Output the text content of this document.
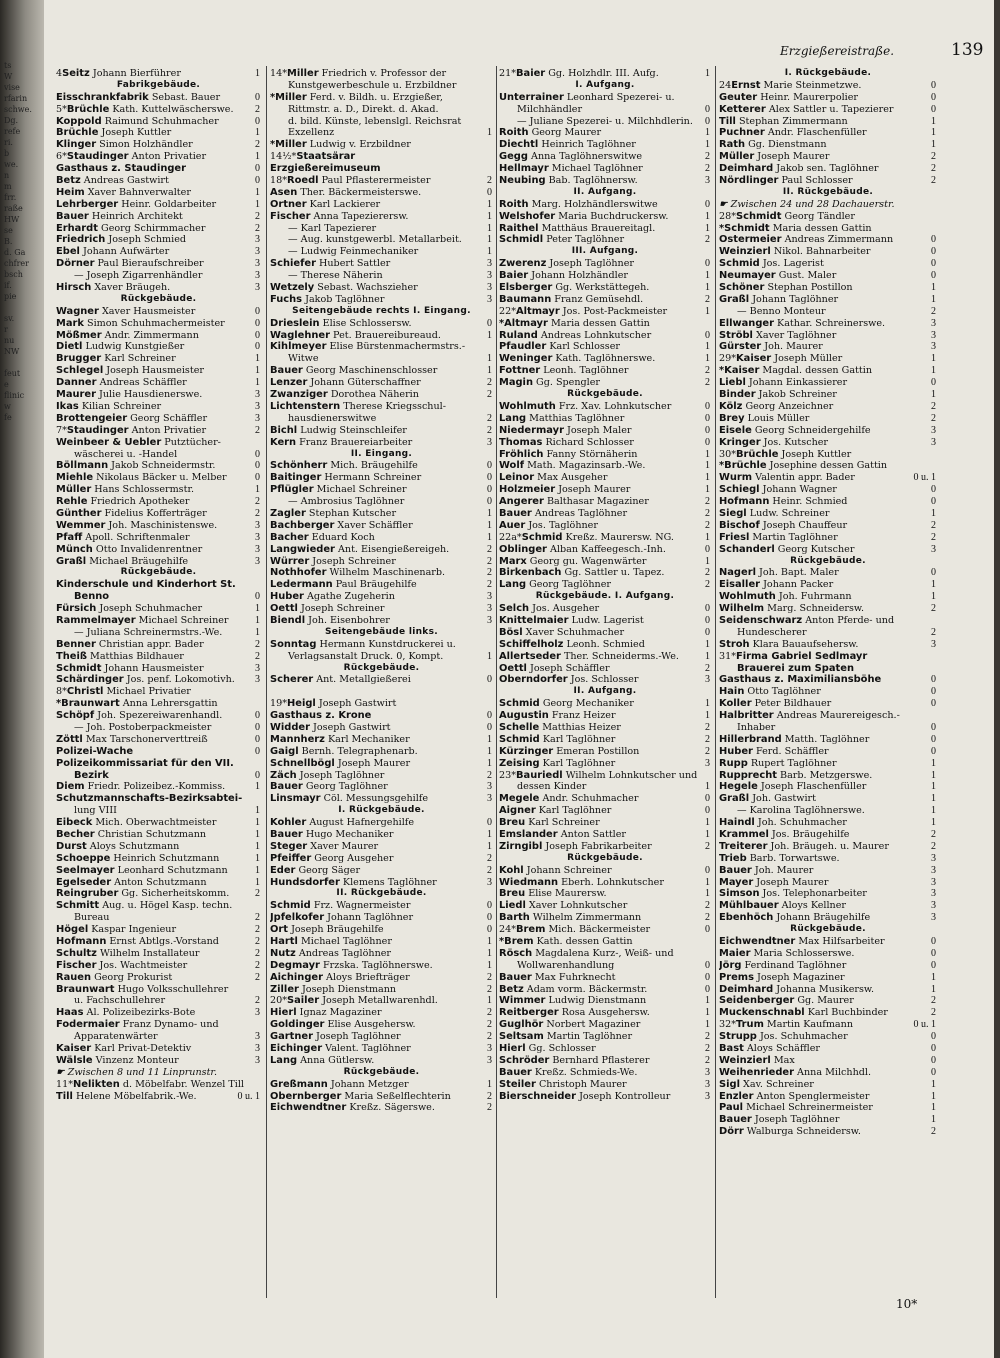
ts
W
vise
rfarin
schwe.
Dg.
refe
ri.
b
we.
n
m
frr.
raße
HW
se
B.
d. Ga
chfrer
bsch
if.
pie

sv.
r
nu
NW

feut
e
flinic
w
fe

Erzgießereistraße.	139
4Seitz Johann Bierführer	1
Fabrikgebäude.
Eisschrankfabrik Sebast. Bauer	0
5*Brüchle Kath. Kuttelwäscherswe. 2
Koppold Raimund Schuhmacher	0
Brüchle Joseph Kuttler	1
Klinger Simon Holzhändler	2
6*Staudinger Anton Privatier	1
Gasthaus z. Staudinger	0
Betz Andreas Gastwirt	0
Heim Xaver Bahnverwalter	1
Lehrberger Heinr. Goldarbeiter	1
Bauer Heinrich Architekt	2
Erhardt Georg Schirmmacher	2
Friedrich Joseph Schmied	3
Ebel Johann Aufwärter	3
Dörner Paul Bieraufschreiber	3
— Joseph Zigarrenhändler	3
Hirsch Xaver Bräugeh.	3
Rückgebäude.
Wagner Xaver Hausmeister	0
Mark Simon Schuhmachermeister	0
Mößmer Andr. Zimmermann	0
Dietl Ludwig Kunstgießer	0
Brugger Karl Schreiner	1
Schlegel Joseph Hausmeister	1
Danner Andreas Schäffler	1
Maurer Julie Hausdienerswe.	3
Ikas Kilian Schreiner	3
Brottengeier Georg Schäffler	3
7*Staudinger Anton Privatier	2
Weinbeer & Uebler Putztücher-
wäscherei u. -Handel	0
Böllmann Jakob Schneidermstr.	0
Miehle Nikolaus Bäcker u. Melber	0
Müller Hans Schlossermstr.	1
Rehle Friedrich Apotheker	2
Günther Fidelius Kofferträger	2
Wemmer Joh. Maschinistenswe.	3
Pfaff Apoll. Schriftenmaler	3
Münch Otto Invalidenrentner	3
Graßl Michael Bräugehilfe	3
Rückgebäude.
Kinderschule und Kinderhort St.
Benno	0
Fürsich Joseph Schuhmacher	1
Rammelmayer Michael Schreiner	1
— Juliana Schreinermstrs.-We.	1
Benner Christian appr. Bader	2
Theiß Matthias Bildhauer	2
Schmidt Johann Hausmeister	3
Schärdinger Jos. penf. Lokomotivh. 3
8*Christl Michael Privatier
*Braunwart Anna Lehrersgattin
Schöpf Joh. Spezereiwarenhandl.	0
— Joh. Postoberpackmeister	0
Zöttl Max Tarschonerverttreiß	0
Polizei-Wache	0
Polizeikommissariat für den VII.
Bezirk	0
Diem Friedr. Polizeibez.-Kommiss.	1
Schutzmannschafts-Bezirksabtei-
lung VIII	1
Eibeck Mich. Oberwachtmeister	1
Becher Christian Schutzmann	1
Durst Aloys Schutzmann	1
Schoeppe Heinrich Schutzmann	1
Seelmayer Leonhard Schutzmann	1
Egelseder Anton Schutzmann	1
Reingruber Gg. Sicherheitskomm.	2
Schmitt Aug. u. Högel Kasp. techn.
Bureau	2
Högel Kaspar Ingenieur	2
Hofmann Ernst Abtlgs.-Vorstand	2
Schultz Wilhelm Installateur	2
Fischer Jos. Wachtmeister	2
Rauen Georg Prokurist	2
Braunwart Hugo Volksschullehrer
u. Fachschullehrer	2
Haas Al. Polizeibezirks-Bote	3
Fodermaier Franz Dynamo- und
Apparatenwärter	3
Kaiser Karl Privat-Detektiv	3
Wälsle Vinzenz Monteur	3
☛ Zwischen 8 und 11 Linprunstr.
11*Nelikten d. Möbelfabr. Wenzel Till
Till Helene Möbelfabrik.-We.	0 u. 1
14*Miller Friedrich v. Professor der
Kunstgewerbeschule u. Erzbildner
*Miller Ferd. v. Bildh. u. Erzgießer,
Rittmstr. a. D., Direkt. d. Akad.
d. bild. Künste, lebenslgl. Reichsrat
Exzellenz	1
*Miller Ludwig v. Erzbildner
14½*Staatsärar
Erzgießereimuseum
18*Roedl Paul Pflasterermeister	2
Asen Ther. Bäckermeisterswe.	0
Ortner Karl Lackierer	1
Fischer Anna Tapezierersw.	1
— Karl Tapezierer	1
— Aug. kunstgewerbl. Metallarbeit.	1
— Ludwig Feinmechaniker	1
Schiefer Hubert Sattler	3
— Therese Näherin	3
Wetzely Sebast. Wachszieher	3
Fuchs Jakob Taglöhner	3
Seitengebäude rechts I. Eingang.
Drieslein Elise Schlossersw.	0
Waglehner Pet. Brauereibureaud.	1
Kihlmeyer Elise Bürstenmachermstrs.-
Witwe	1
Bauer Georg Maschinenschlosser	1
Lenzer Johann Güterschaffner	2
Zwanziger Dorothea Näherin	2
Lichtenstern Therese Kriegsschul-
hausdienerswitwe	2
Bichl Ludwig Steinschleifer	2
Kern Franz Brauereiarbeiter	3
II. Eingang.
Schönherr Mich. Bräugehilfe	0
Baitinger Hermann Schreiner	0
Pflügler Michael Schreiner	0
— Ambrosius Taglöhner	0
Zagler Stephan Kutscher	1
Bachberger Xaver Schäffler	1
Bacher Eduard Koch	1
Langwieder Ant. Eisengießereigeh.	2
Würrer Joseph Schreiner	2
Nothhofer Wilhelm Maschinenarb.	2
Ledermann Paul Bräugehilfe	2
Huber Agathe Zugeherin	3
Oettl Joseph Schreiner	3
Biendl Joh. Eisenbohrer	3
Seitengebäude links.
Sonntag Hermann Kunstdruckerei u.
Verlagsanstalt Druck. 0, Kompt.	1
Rückgebäude.
Scherer Ant. Metallgießerei	0
19*Heigl Joseph Gastwirt
Gasthaus z. Krone	0
Widder Joseph Gastwirt	0
Mannherz Karl Mechaniker	1
Gaigl Bernh. Telegraphenarb.	1
Schnellbögl Joseph Maurer	1
Zäch Joseph Taglöhner	2
Bauer Georg Taglöhner	3
Linsmayr Cöl. Messungsgehilfe	3
I. Rückgebäude.
Kohler August Hafnergehilfe	0
Bauer Hugo Mechaniker	1
Steger Xaver Maurer	1
Pfeiffer Georg Ausgeher	2
Eder Georg Säger	2
Hundsdorfer Klemens Taglöhner	3
II. Rückgebäude.
Schmid Frz. Wagnermeister	0
Jpfelkofer Johann Taglöhner	0
Ort Joseph Bräugehilfe	0
Hartl Michael Taglöhner	1
Nutz Andreas Taglöhner	1
Degmayr Frzska. Taglöhnerswe.	1
Aichinger Aloys Briefträger	2
Ziller Joseph Dienstmann	2
20*Sailer Joseph Metallwarenhdl.	1
Hierl Ignaz Magaziner	2
Goldinger Elise Ausgehersw.	2
Gartner Joseph Taglöhner	2
Eichinger Valent. Taglöhner	3
Lang Anna Gütlersw.	3
Rückgebäude.
Greßmann Johann Metzger	1
Obernberger Maria Seßelflechterin	2
Eichwendtner Kreßz. Sägerswe.	2
21*Baier Gg. Holzhdlr. III. Aufg.	1
I. Aufgang.
Unterrainer Leonhard Spezerei- u.
Milchhändler	0
— Juliane Spezerei- u. Milchhdlerin. 0
Roith Georg Maurer	1
Diechtl Heinrich Taglöhner	1
Gegg Anna Taglöhnerswitwe	2
Hellmayr Michael Taglöhner	2
Neubing Bab. Taglöhnersw.	3
II. Aufgang.
Roith Marg. Holzhändlerswitwe	0
Welshofer Maria Buchdruckersw.	1
Raithel Matthäus Brauereitagl.	1
Schmidl Peter Taglöhner	2
III. Aufgang.
Zwerenz Joseph Taglöhner	0
Baier Johann Holzhändler	1
Elsberger Gg. Werkstättegeh.	1
Baumann Franz Gemüsehdl.	2
22*Altmayr Jos. Post-Packmeister	1
*Altmayr Maria dessen Gattin
Ruland Andreas Lohnkutscher	0
Pfaudler Karl Schlosser	1
Weninger Kath. Taglöhnerswe.	1
Fottner Leonh. Taglöhner	2
Magin Gg. Spengler	2
Rückgebäude.
Wohlmuth Frz. Xav. Lohnkutscher	0
Lang Matthias Taglöhner	0
Niedermayr Joseph Maler	0
Thomas Richard Schlosser	0
Fröhlich Fanny Störnäherin	1
Wolf Math. Magazinsarb.-We.	1
Leinor Max Ausgeher	1
Holzmeier Joseph Maurer	1
Angerer Balthasar Magaziner	2
Bauer Andreas Taglöhner	2
Auer Jos. Taglöhner	2
22a*Schmid Kreßz. Maurersw. NG.	1
Oblinger Alban Kaffeegesch.-Inh.	0
Marx Georg gu. Wagenwärter	1
Birkenbach Gg. Sattler u. Tapez.	2
Lang Georg Taglöhner	2
Rückgebäude. I. Aufgang.
Selch Jos. Ausgeher	0
Knittelmaier Ludw. Lagerist	0
Bösl Xaver Schuhmacher	0
Schiffelholz Leonh. Schmied	1
Allertseder Ther. Schneiderms.-We.	1
Oettl Joseph Schäffler	2
Oberndorfer Jos. Schlosser	3
II. Aufgang.
Schmid Georg Mechaniker	1
Augustin Franz Heizer	1
Schelle Matthias Heizer	2
Schmid Karl Taglöhner	2
Kürzinger Emeran Postillon	2
Zeising Karl Taglöhner	3
23*Bauriedl Wilhelm Lohnkutscher und
dessen Kinder	1
Megele Andr. Schuhmacher	0
Aigner Karl Taglöhner	0
Breu Karl Schreiner	1
Emslander Anton Sattler	1
Zirngibl Joseph Fabrikarbeiter	2
Rückgebäude.
Kohl Johann Schreiner	0
Wiedmann Eberh. Lohnkutscher	1
Breu Elise Maurersw.	1
Liedl Xaver Lohnkutscher	2
Barth Wilhelm Zimmermann	2
24*Brem Mich. Bäckermeister	0
*Brem Kath. dessen Gattin
Rösch Magdalena Kurz-, Weiß- und
Wollwarenhandlung	0
Bauer Max Fuhrknecht	0
Betz Adam vorm. Bäckermstr.	0
Wimmer Ludwig Dienstmann	1
Reitberger Rosa Ausgehersw.	1
Guglhör Norbert Magaziner	1
Seltsam Martin Taglöhner	2
Hierl Gg. Schlosser	2
Schröder Bernhard Pflasterer	2
Bauer Kreßz. Schmieds-We.	3
Steiler Christoph Maurer	3
Bierschneider Joseph Kontrolleur	3
I. Rückgebäude.
24Ernst Marie Steinmetzwe.	0
Geuter Heinr. Maurerpolier	0
Ketterer Alex Sattler u. Tapezierer	0
Till Stephan Zimmermann	1
Puchner Andr. Flaschenfüller	1
Rath Gg. Dienstmann	1
Müller Joseph Maurer	2
Deimhard Jakob sen. Taglöhner	2
Nördlinger Paul Schlosser	2
II. Rückgebäude.
☛ Zwischen 24 und 28 Dachauerstr.
28*Schmidt Georg Tändler
*Schmidt Maria dessen Gattin
Ostermeier Andreas Zimmermann	0
Weinzierl Nikol. Bahnarbeiter	0
Schmid Jos. Lagerist	0
Neumayer Gust. Maler	0
Schöner Stephan Postillon	1
Graßl Johann Taglöhner	1
— Benno Monteur	2
Ellwanger Kathar. Schreinerswe.	3
Ströbl Xaver Taglöhner	3
Gürster Joh. Maurer	3
29*Kaiser Joseph Müller	1
*Kaiser Magdal. dessen Gattin	1
Liebl Johann Einkassierer	0
Binder Jakob Schreiner	1
Kölz Georg Anzeichner	2
Brey Louis Müller	2
Eisele Georg Schneidergehilfe	3
Kringer Jos. Kutscher	3
30*Brüchle Joseph Kuttler
*Brüchle Josephine dessen Gattin
Wurm Valentin appr. Bader	0 u. 1
Schiegl Johann Wagner	0
Hofmann Heinr. Schmied	0
Siegl Ludw. Schreiner	1
Bischof Joseph Chauffeur	2
Friesl Martin Taglöhner	2
Schanderl Georg Kutscher	3
Rückgebäude.
Nagerl Joh. Bapt. Maler	0
Eisaller Johann Packer	1
Wohlmuth Joh. Fuhrmann	1
Wilhelm Marg. Schneidersw.	2
Seidenschwarz Anton Pferde- und
Hundescherer	2
Stroh Klara Bauaufsehersw.	3
31*Firma Gabriel Sedlmayr
Brauerei zum Spaten
Gasthaus z. Maximiliansböhe	0
Hain Otto Taglöhner	0
Koller Peter Bildhauer	0
Halbritter Andreas Maurereigesch.-
Inhaber	0
Hillerbrand Matth. Taglöhner	0
Huber Ferd. Schäffler	0
Rupp Rupert Taglöhner	1
Rupprecht Barb. Metzgerswe.	1
Hegele Joseph Flaschenfüller	1
Graßl Joh. Gastwirt	1
— Karolina Taglöhnerswe.	1
Haindl Joh. Schuhmacher	1
Krammel Jos. Bräugehilfe	2
Treiterer Joh. Bräugeh. u. Maurer	2
Trieb Barb. Torwartswe.	3
Bauer Joh. Maurer	3
Mayer Joseph Maurer	3
Simson Jos. Telephonarbeiter	3
Mühlbauer Aloys Kellner	3
Ebenhöch Johann Bräugehilfe	3
Rückgebäude.
Eichwendtner Max Hilfsarbeiter	0
Maier Maria Schlosserswe.	0
Jörg Ferdinand Taglöhner	0
Prems Joseph Magaziner	1
Deimhard Johanna Musikersw.	1
Seidenberger Gg. Maurer	2
Muckenschnabl Karl Buchbinder	2
32*Trum Martin Kaufmann	0 u. 1
Strupp Jos. Schuhmacher	0
Bast Aloys Schäffler	0
Weinzierl Max	0
Weihenrieder Anna Milchhdl.	0
Sigl Xav. Schreiner	1
Enzler Anton Spenglermeister	1
Paul Michael Schreinermeister	1
Bauer Joseph Taglöhner	1
Dörr Walburga Schneidersw.	2
10*
